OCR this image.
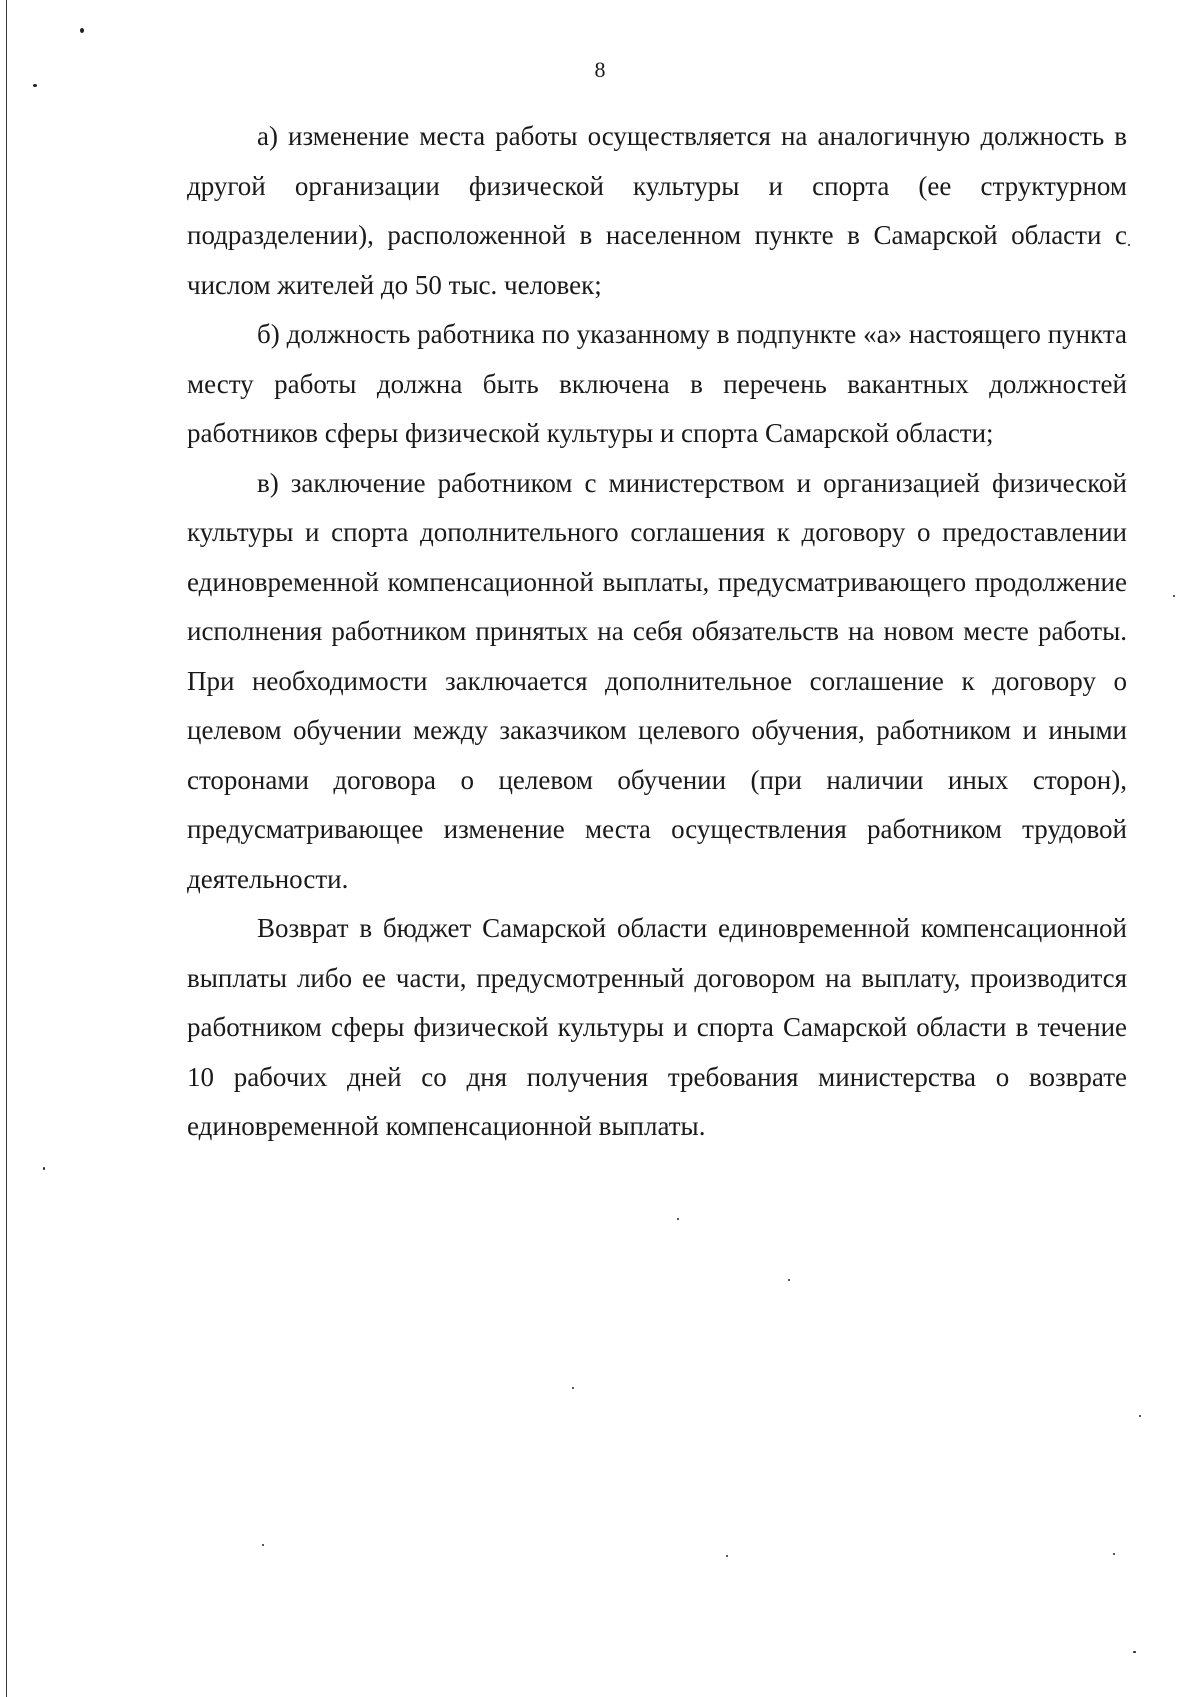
8

а) изменение места работы осуществляется на аналогичную должность в другой организации физической культуры и спорта (ее структурном подразделении), расположенной в населенном пункте в Самарской области с числом жителей до 50 тыс. человек;

б) должность работника по указанному в подпункте «а» настоящего пункта месту работы должна быть включена в перечень вакантных должностей работников сферы физической культуры и спорта Самарской области;

в) заключение работником с министерством и организацией физической культуры и спорта дополнительного соглашения к договору о предоставлении единовременной компенсационной выплаты, предусматривающего продолжение исполнения работником принятых на себя обязательств на новом месте работы. При необходимости заключается дополнительное соглашение к договору о целевом обучении между заказчиком целевого обучения, работником и иными сторонами договора о целевом обучении (при наличии иных сторон), предусматривающее изменение места осуществления работником трудовой деятельности.

Возврат в бюджет Самарской области единовременной компенсационной выплаты либо ее части, предусмотренный договором на выплату, производится работником сферы физической культуры и спорта Самарской области в течение 10 рабочих дней со дня получения требования министерства о возврате единовременной компенсационной выплаты.
